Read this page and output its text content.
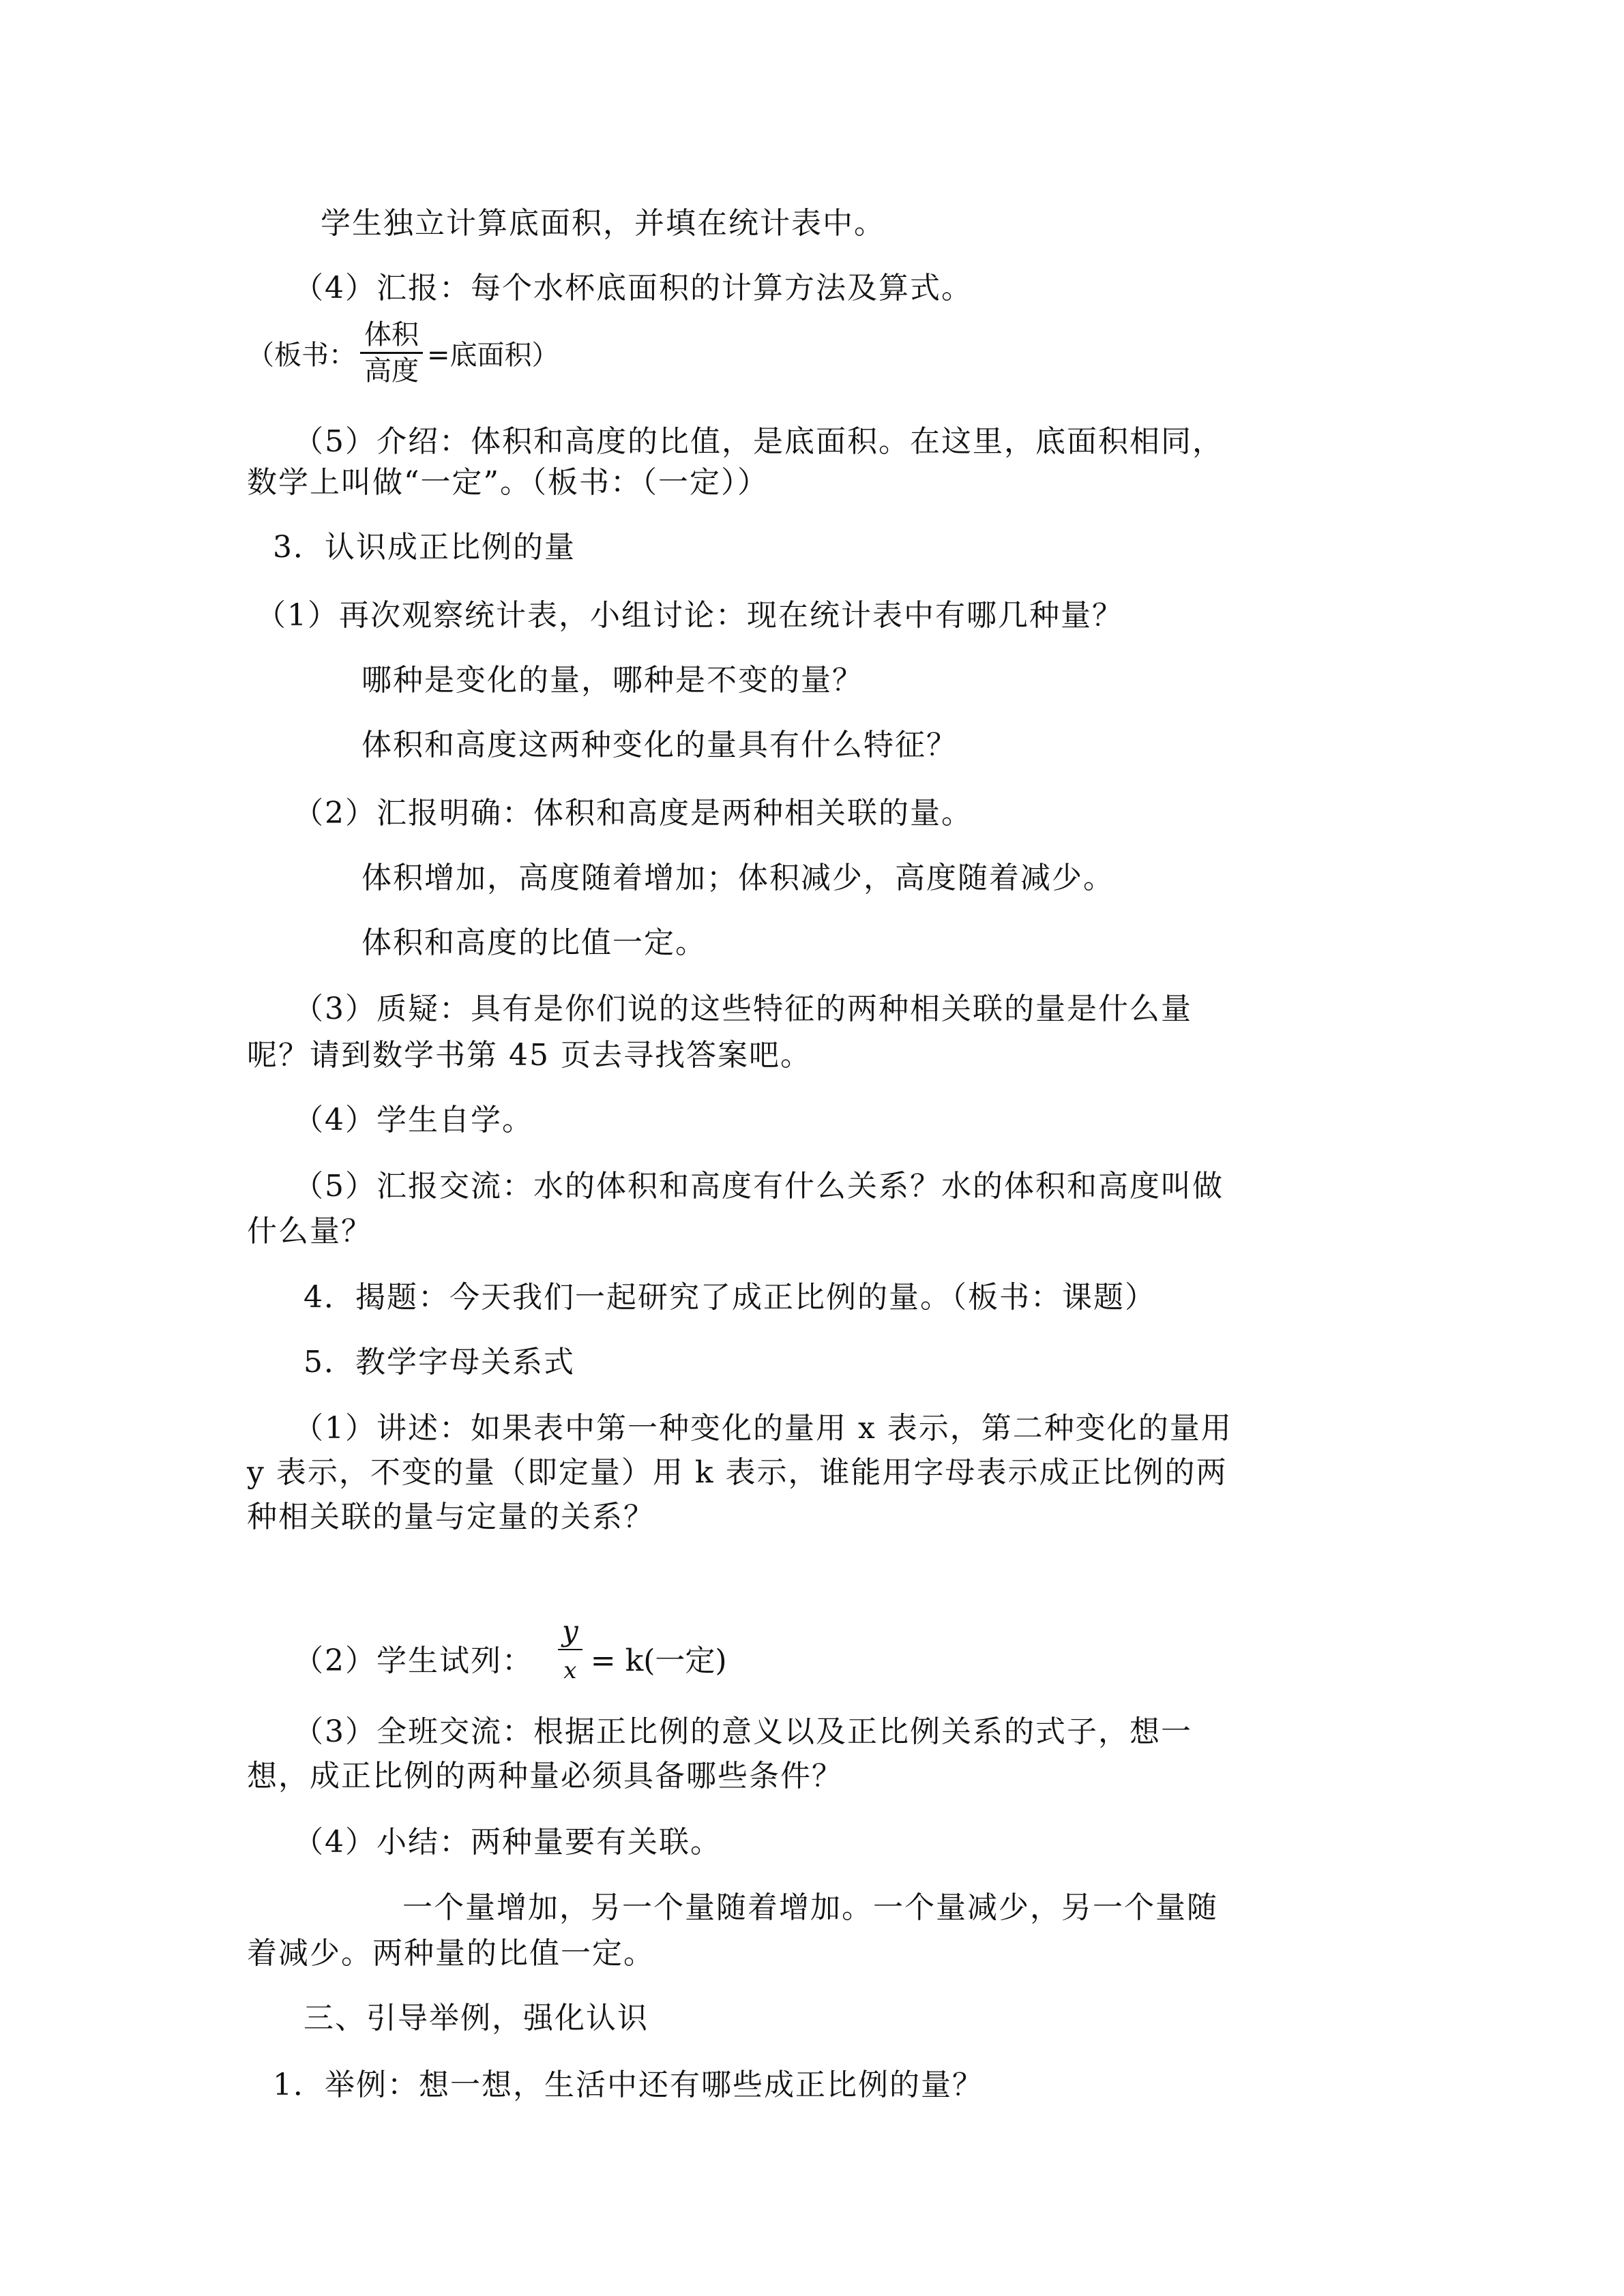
学生独立计算底面积，并填在统计表中。
（4）汇报：每个水杯底面积的计算方法及算式。
（板书： $\frac{\text{体积}}{\text{高度}}$ =底面积）
（5）介绍：体积和高度的比值，是底面积。在这里，底面积相同，
数学上叫做“一定”。（板书：（一定））
3．认识成正比例的量
（1）再次观察统计表，小组讨论：现在统计表中有哪几种量？
哪种是变化的量，哪种是不变的量？
体积和高度这两种变化的量具有什么特征？
（2）汇报明确：体积和高度是两种相关联的量。
体积增加，高度随着增加；体积减少，高度随着减少。
体积和高度的比值一定。
（3）质疑：具有是你们说的这些特征的两种相关联的量是什么量
呢？请到数学书第 45 页去寻找答案吧。
（4）学生自学。
（5）汇报交流：水的体积和高度有什么关系？水的体积和高度叫做
什么量？
4．揭题：今天我们一起研究了成正比例的量。（板书：课题）
5．教学字母关系式
（1）讲述：如果表中第一种变化的量用 x 表示，第二种变化的量用
y 表示，不变的量（即定量）用 k 表示，谁能用字母表示成正比例的两
种相关联的量与定量的关系？
（2）学生试列：
y
x = k(一定)
（3）全班交流：根据正比例的意义以及正比例关系的式子，想一
想，成正比例的两种量必须具备哪些条件？
（4）小结：两种量要有关联。
一个量增加，另一个量随着增加。一个量减少，另一个量随
着减少。两种量的比值一定。
三、引导举例，强化认识
1．举例：想一想，生活中还有哪些成正比例的量？
